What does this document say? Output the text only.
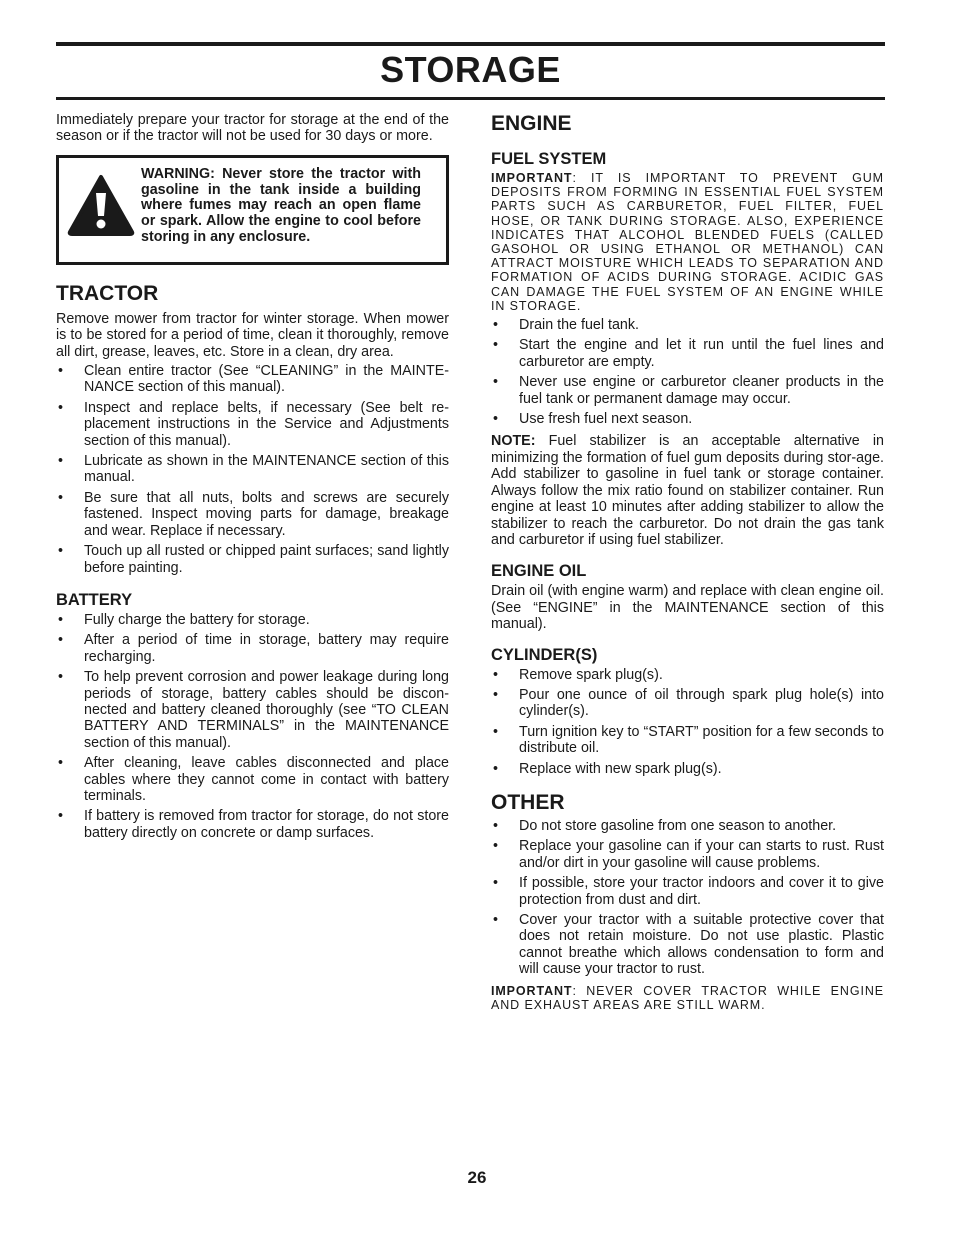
STORAGE

Immediately prepare your tractor for storage at the end of the season or if the tractor will not be used for 30 days or more.

WARNING: Never store the tractor with gasoline in the tank inside a building where fumes may reach an open flame or spark. Allow the engine to cool before storing in any enclosure.
TRACTOR

Remove mower from tractor for winter storage. When mower is to be stored for a period of time, clean it thoroughly, remove all dirt, grease, leaves, etc. Store in a clean, dry area.

• Clean entire tractor (See “CLEANING” in the MAINTE-NANCE section of this manual).
• Inspect and replace belts, if necessary (See belt re-placement instructions in the Service and Adjustments section of this manual).
• Lubricate as shown in the MAINTENANCE section of this manual.
• Be sure that all nuts, bolts and screws are securely fastened. Inspect moving parts for damage, breakage and wear. Replace if necessary.
• Touch up all rusted or chipped paint surfaces; sand lightly before painting.
BATTERY
• Fully charge the battery for storage.
• After a period of time in storage, battery may require recharging.
• To help prevent corrosion and power leakage during long periods of storage, battery cables should be discon-nected and battery cleaned thoroughly (see “TO CLEAN BATTERY AND TERMINALS” in the MAINTENANCE section of this manual).
• After cleaning, leave cables disconnected and place cables where they cannot come in contact with battery terminals.
• If battery is removed from tractor for storage, do not store battery directly on concrete or damp surfaces.
ENGINE
FUEL SYSTEM

IMPORTANT: IT IS IMPORTANT TO PREVENT GUM DEPOSITS FROM FORMING IN ESSENTIAL FUEL SYSTEM PARTS SUCH AS CARBURETOR, FUEL FILTER, FUEL HOSE, OR TANK DURING STORAGE. ALSO, EXPERIENCE INDICATES THAT ALCOHOL BLENDED FUELS (CALLED GASOHOL OR USING ETHANOL OR METHANOL) CAN ATTRACT MOISTURE WHICH LEADS TO SEPARATION AND FORMATION OF ACIDS DURING STORAGE. ACIDIC GAS CAN DAMAGE THE FUEL SYSTEM OF AN ENGINE WHILE IN STORAGE.

• Drain the fuel tank.
• Start the engine and let it run until the fuel lines and carburetor are empty.
• Never use engine or carburetor cleaner products in the fuel tank or permanent damage may occur.
• Use fresh fuel next season.

NOTE: Fuel stabilizer is an acceptable alternative in minimizing the formation of fuel gum deposits during stor-age. Add stabilizer to gasoline in fuel tank or storage container. Always follow the mix ratio found on stabilizer container. Run engine at least 10 minutes after adding stabilizer to allow the stabilizer to reach the carburetor. Do not drain the gas tank and carburetor if using fuel stabilizer.

ENGINE OIL

Drain oil (with engine warm) and replace with clean engine oil. (See “ENGINE” in the MAINTENANCE section of this manual).

CYLINDER(S)
• Remove spark plug(s).
• Pour one ounce of oil through spark plug hole(s) into cylinder(s).
• Turn ignition key to “START” position for a few seconds to distribute oil.
• Replace with new spark plug(s).
OTHER
• Do not store gasoline from one season to another.
• Replace your gasoline can if your can starts to rust. Rust and/or dirt in your gasoline will cause problems.
• If possible, store your tractor indoors and cover it to give protection from dust and dirt.
• Cover your tractor with a suitable protective cover that does not retain moisture. Do not use plastic. Plastic cannot breathe which allows condensation to form and will cause your tractor to rust.

IMPORTANT: NEVER COVER TRACTOR WHILE ENGINE AND EXHAUST AREAS ARE STILL WARM.

26
